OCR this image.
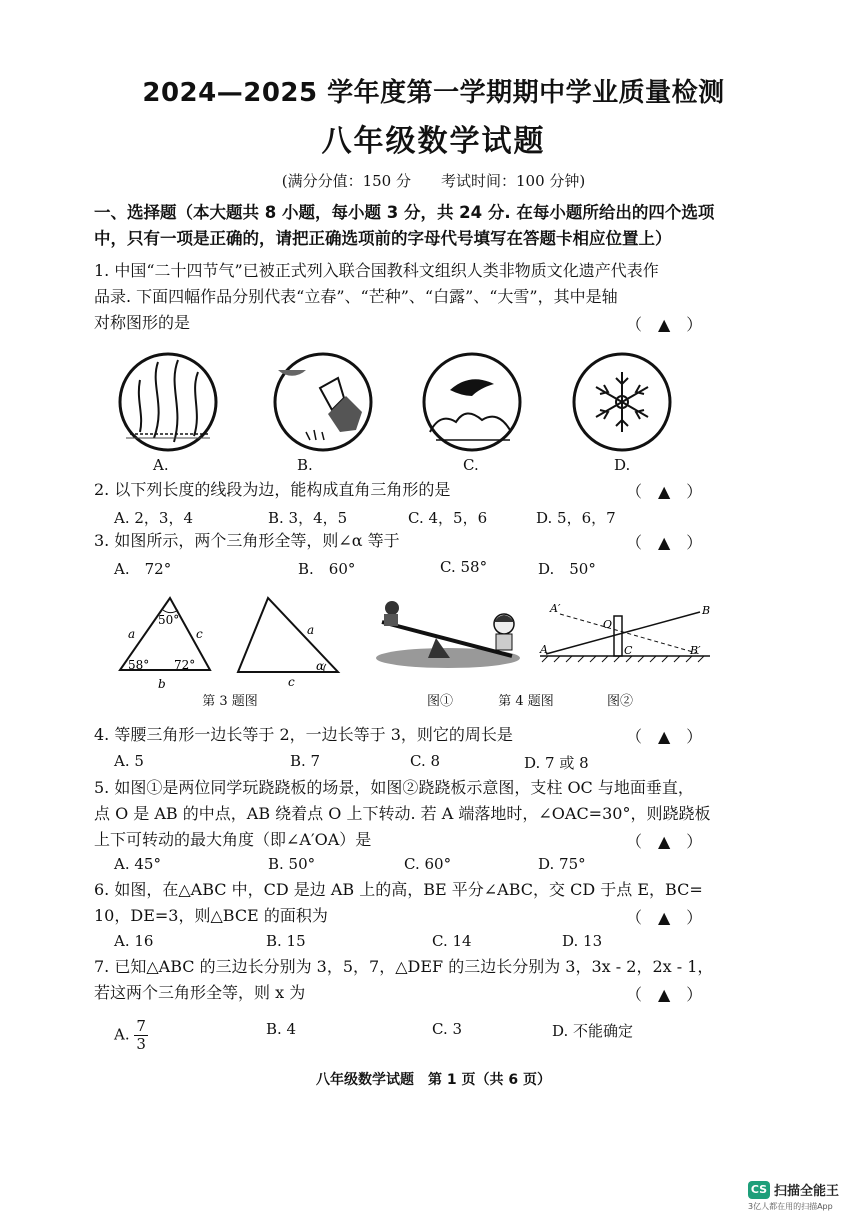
2024—2025 学年度第一学期期中学业质量检测
八年级数学试题
(满分分值：150 分　　考试时间：100 分钟)
一、选择题（本大题共 8 小题，每小题 3 分，共 24 分. 在每小题所给出的四个选项
中，只有一项是正确的，请把正确选项前的字母代号填写在答题卡相应位置上）
1. 中国“二十四节气”已被正式列入联合国教科文组织人类非物质文化遗产代表作
品录. 下面四幅作品分别代表“立春”、“芒种”、“白露”、“大雪”，其中是轴
对称图形的是	（　▲　）
A.	B.	C.	D.
2. 以下列长度的线段为边，能构成直角三角形的是	（　▲　）
A. 2，3，4	B. 3，4，5	C. 4，5，6	D. 5，6，7
3. 如图所示，两个三角形全等，则∠α 等于	（　▲　）
A.　72°	B.　60°	C. 58°	D.　50°
50°
58° 72°
a	c
b
a
c
α
A′	B
O
A	C	B′
第 3 题图	图①	第 4 题图	图②
4. 等腰三角形一边长等于 2，一边长等于 3，则它的周长是	（　▲　）
A. 5	B. 7	C. 8	D. 7 或 8
5. 如图①是两位同学玩跷跷板的场景，如图②跷跷板示意图，支柱 OC 与地面垂直，
点 O 是 AB 的中点，AB 绕着点 O 上下转动. 若 A 端落地时，∠OAC=30°，则跷跷板
上下可转动的最大角度（即∠A′OA）是	（　▲　）
A. 45°	B. 50°	C. 60°	D. 75°
6. 如图，在△ABC 中，CD 是边 AB 上的高，BE 平分∠ABC，交 CD 于点 E，BC=
10，DE=3，则△BCE 的面积为	（　▲　）
A. 16	B. 15	C. 14	D. 13
7. 已知△ABC 的三边长分别为 3，5，7，△DEF 的三边长分别为 3，3x - 2，2x - 1，
若这两个三角形全等，则 x 为	（　▲　）
A. $\frac{7}{3}$	B. 4	C. 3	D. 不能确定
八年级数学试题　第 1 页（共 6 页）
CS 扫描全能王
3亿人都在用的扫描App
